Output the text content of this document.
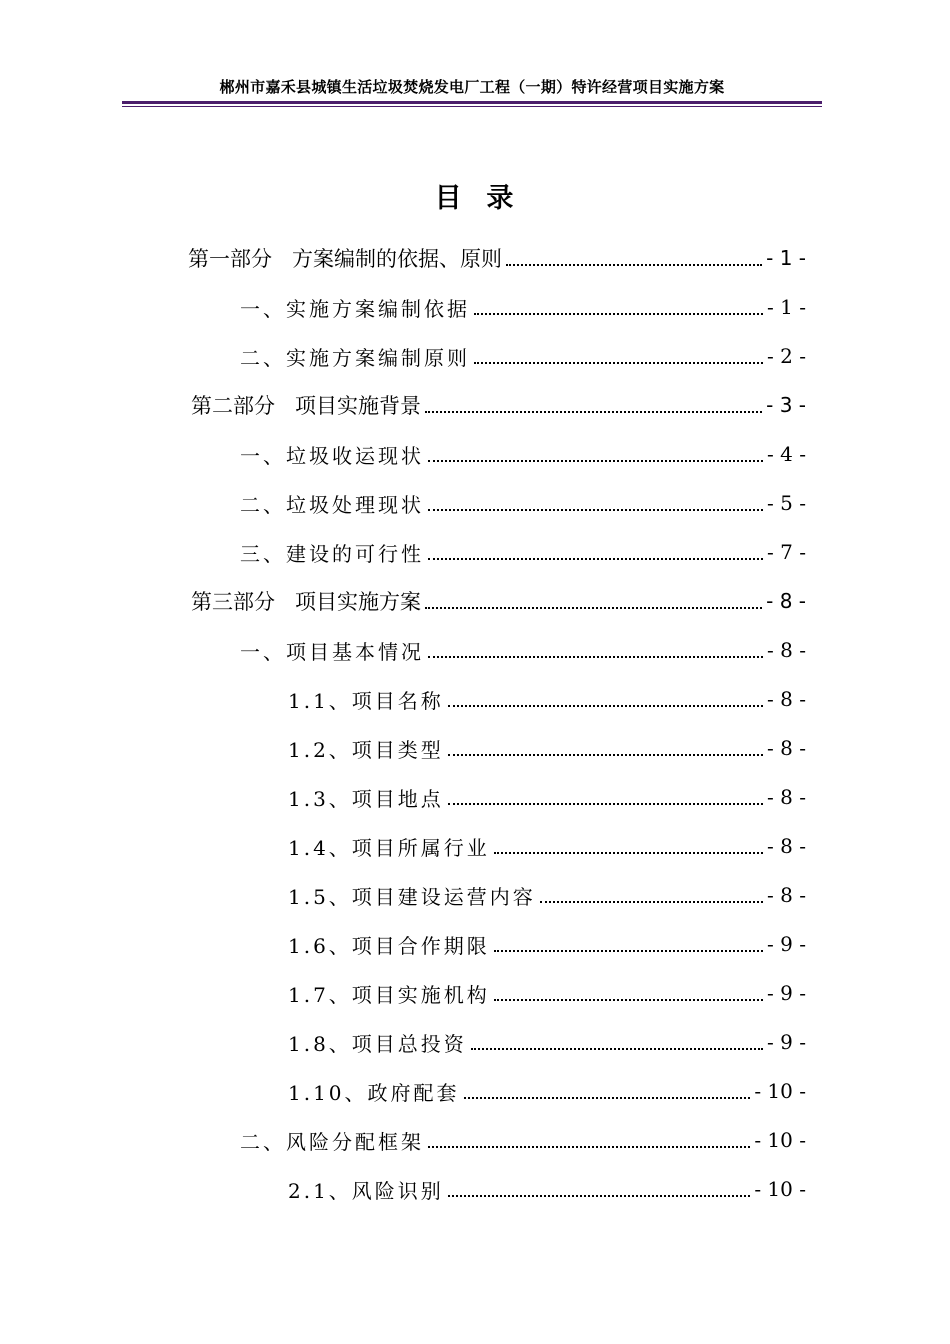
郴州市嘉禾县城镇生活垃圾焚烧发电厂工程（一期）特许经营项目实施方案
目  录
第一部分   方案编制的依据、原则	- 1 -
一、实施方案编制依据	- 1 -
二、实施方案编制原则	- 2 -
第二部分   项目实施背景	- 3 -
一、垃圾收运现状	- 4 -
二、垃圾处理现状	- 5 -
三、建设的可行性	- 7 -
第三部分   项目实施方案	- 8 -
一、项目基本情况	- 8 -
1.1、项目名称	- 8 -
1.2、项目类型	- 8 -
1.3、项目地点	- 8 -
1.4、项目所属行业	- 8 -
1.5、项目建设运营内容	- 8 -
1.6、项目合作期限	- 9 -
1.7、项目实施机构	- 9 -
1.8、项目总投资	- 9 -
1.10、政府配套	- 10 -
二、风险分配框架	- 10 -
2.1、风险识别	- 10 -
